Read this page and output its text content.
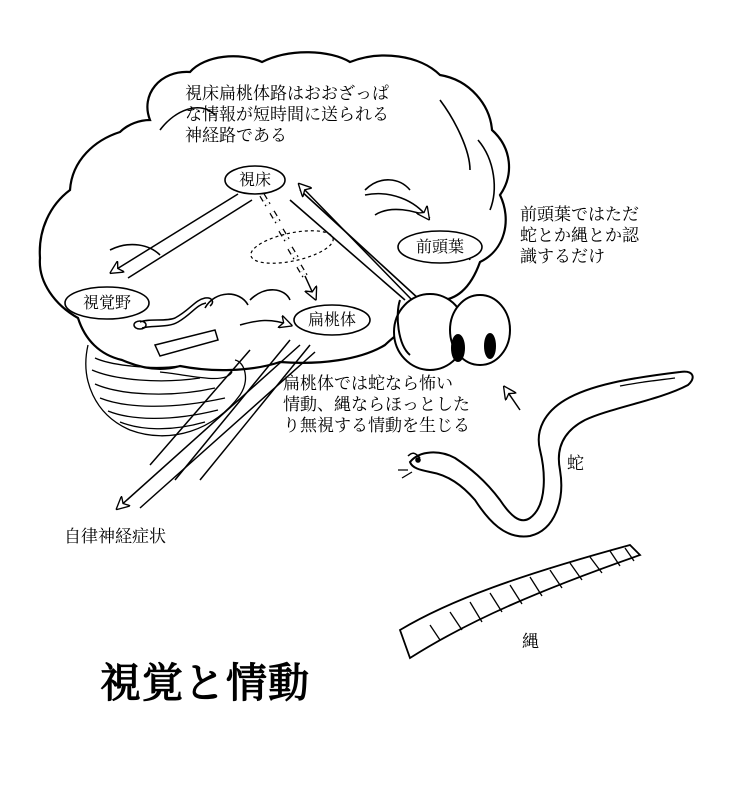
視床
視覚野
扁桃体
前頭葉
視床扁桃体路はおおざっぱ
な情報が短時間に送られる
神経路である
前頭葉ではただ
蛇とか縄とか認
識するだけ
扁桃体では蛇なら怖い
情動、縄ならほっとした
り無視する情動を生じる
自律神経症状
蛇
縄
視覚と情動
